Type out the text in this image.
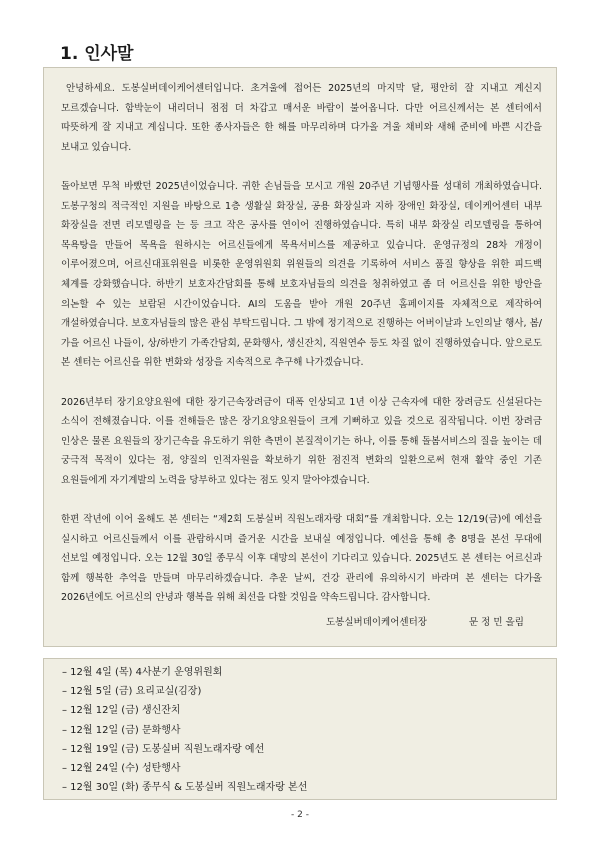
1. 인사말

안녕하세요. 도봉실버데이케어센터입니다. 초겨울에 접어든 2025년의 마지막 달, 평안히 잘 지내고 계신지 모르겠습니다. 함박눈이 내리더니 점점 더 차갑고 매서운 바람이 불어옵니다. 다만 어르신께서는 본 센터에서 따뜻하게 잘 지내고 계십니다. 또한 종사자들은 한 해를 마무리하며 다가올 겨울 채비와 새해 준비에 바쁜 시간을 보내고 있습니다.

돌아보면 무척 바빴던 2025년이었습니다. 귀한 손님들을 모시고 개원 20주년 기념행사를 성대히 개최하였습니다. 도봉구청의 적극적인 지원을 바탕으로 1층 생활실 화장실, 공용 화장실과 지하 장애인 화장실, 데이케어센터 내부 화장실을 전면 리모델링을 는 등 크고 작은 공사를 연이어 진행하였습니다. 특히 내부 화장실 리모델링을 통하여 목욕탕을 만들어 목욕을 원하시는 어르신들에게 목욕서비스를 제공하고 있습니다. 운영규정의 28차 개정이 이루어졌으며, 어르신대표위원을 비롯한 운영위원회 위원들의 의견을 기록하여 서비스 품질 향상을 위한 피드백 체계를 강화했습니다. 하반기 보호자간담회를 통해 보호자님들의 의견을 청취하였고 좀 더 어르신을 위한 방안을 의논할 수 있는 보람된 시간이었습니다. AI의 도움을 받아 개원 20주년 홈페이지를 자체적으로 제작하여 개설하였습니다. 보호자님들의 많은 관심 부탁드립니다. 그 밖에 정기적으로 진행하는 어버이날과 노인의날 행사, 봄/가을 어르신 나들이, 상/하반기 가족간담회, 문화행사, 생신잔치, 직원연수 등도 차질 없이 진행하였습니다. 앞으로도 본 센터는 어르신을 위한 변화와 성장을 지속적으로 추구해 나가겠습니다.

2026년부터 장기요양요원에 대한 장기근속장려금이 대폭 인상되고 1년 이상 근속자에 대한 장려금도 신설된다는 소식이 전해졌습니다. 이를 전해들은 많은 장기요양요원들이 크게 기뻐하고 있을 것으로 짐작됩니다. 이번 장려금 인상은 물론 요원들의 장기근속을 유도하기 위한 측면이 본질적이기는 하나, 이를 통해 돌봄서비스의 질을 높이는 데 궁극적 목적이 있다는 점, 양질의 인적자원을 확보하기 위한 점진적 변화의 일환으로써 현재 활약 중인 기존 요원들에게 자기계발의 노력을 당부하고 있다는 점도 잊지 말아야겠습니다.

한편 작년에 이어 올해도 본 센터는 “제2회 도봉실버 직원노래자랑 대회”를 개최합니다. 오는 12/19(금)에 예선을 실시하고 어르신들께서 이를 관람하시며 즐거운 시간을 보내실 예정입니다. 예선을 통해 총 8명을 본선 무대에 선보일 예정입니다. 오는 12월 30일 종무식 이후 대망의 본선이 기다리고 있습니다. 2025년도 본 센터는 어르신과 함께 행복한 추억을 만들며 마무리하겠습니다. 추운 날씨, 건강 관리에 유의하시기 바라며 본 센터는 다가올 2026년에도 어르신의 안녕과 행복을 위해 최선을 다할 것임을 약속드립니다. 감사합니다.

도봉실버데이케어센터장	문 정 민 올림
– 12월 4일 (목) 4사분기 운영위원회
– 12월 5일 (금) 요리교실(김장)
– 12월 12일 (금) 생신잔치
– 12월 12일 (금) 문화행사
– 12월 19일 (금) 도봉실버 직원노래자랑 예선
– 12월 24일 (수) 성탄행사
– 12월 30일 (화) 종무식 & 도봉실버 직원노래자랑 본선
- 2 -
